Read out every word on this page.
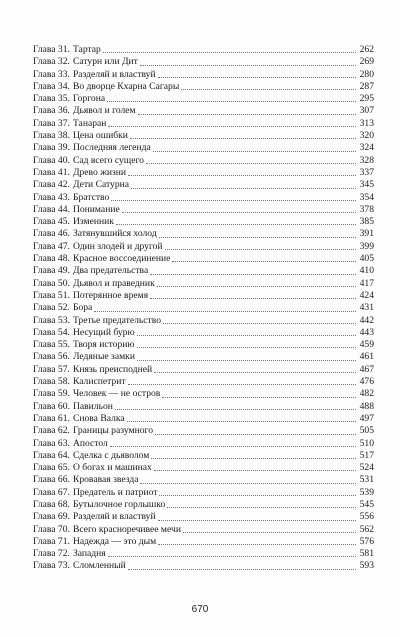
Глава 31. Тартар	262
Глава 32. Сатурн или Дит	269
Глава 33. Разделяй и властвуй	280
Глава 34. Во дворце Кхарна Сагары	287
Глава 35. Горгона	295
Глава 36. Дьявол и голем	307
Глава 37. Танаран	313
Глава 38. Цена ошибки	320
Глава 39. Последняя легенда	324
Глава 40. Сад всего сущего	328
Глава 41. Древо жизни	337
Глава 42. Дети Сатурна	345
Глава 43. Братство	354
Глава 44. Понимание	378
Глава 45. Изменник	385
Глава 46. Затянувшийся холод	391
Глава 47. Один злодей и другой	399
Глава 48. Красное воссоединение	405
Глава 49. Два предательства	410
Глава 50. Дьявол и праведник	417
Глава 51. Потерянное время	424
Глава 52. Бора	431
Глава 53. Третье предательство	442
Глава 54. Несущий бурю	443
Глава 55. Творя историю	459
Глава 56. Ледяные замки	461
Глава 57. Князь преисподней	467
Глава 58. Калиспетрит	476
Глава 59. Человек — не остров	482
Глава 60. Павильон	488
Глава 61. Снова Валка	497
Глава 62. Границы разумного	505
Глава 63. Апостол	510
Глава 64. Сделка с дьяволом	517
Глава 65. О богах и машинах	524
Глава 66. Кровавая звезда	531
Глава 67. Предатель и патриот	539
Глава 68. Бутылочное горлышко	545
Глава 69. Разделяй и властвуй	556
Глава 70. Всего красноречивее мечи	562
Глава 71. Надежда — это дым	576
Глава 72. Западня	581
Глава 73. Сломленный	593
670
